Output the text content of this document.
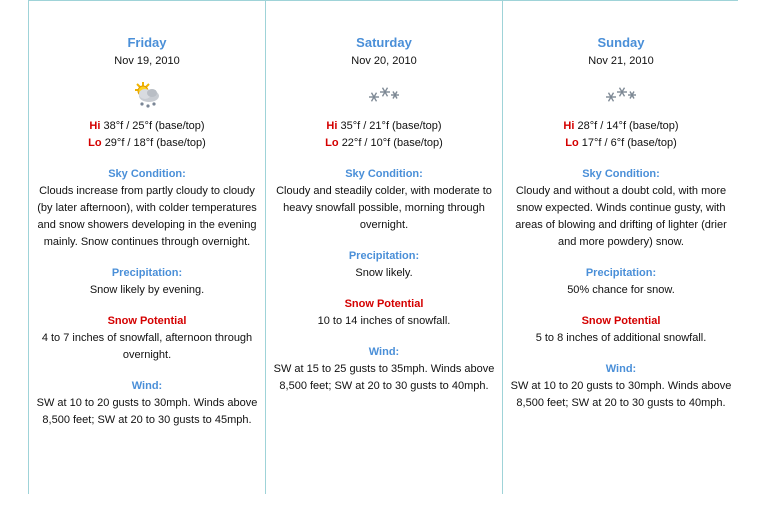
Friday
Nov 19, 2010
Hi 38°f / 25°f (base/top)
Lo 29°f / 18°f (base/top)
Sky Condition:
Clouds increase from partly cloudy to cloudy (by later afternoon), with colder temperatures and snow showers developing in the evening mainly. Snow continues through overnight.
Precipitation:
Snow likely by evening.
Snow Potential
4 to 7 inches of snowfall, afternoon through overnight.
Wind:
SW at 10 to 20 gusts to 30mph. Winds above 8,500 feet; SW at 20 to 30 gusts to 45mph.
Saturday
Nov 20, 2010
Hi 35°f / 21°f (base/top)
Lo 22°f / 10°f (base/top)
Sky Condition:
Cloudy and steadily colder, with moderate to heavy snowfall possible, morning through overnight.
Precipitation:
Snow likely.
Snow Potential
10 to 14 inches of snowfall.
Wind:
SW at 15 to 25 gusts to 35mph. Winds above 8,500 feet; SW at 20 to 30 gusts to 40mph.
Sunday
Nov 21, 2010
Hi 28°f / 14°f (base/top)
Lo 17°f / 6°f (base/top)
Sky Condition:
Cloudy and without a doubt cold, with more snow expected. Winds continue gusty, with areas of blowing and drifting of lighter (drier and more powdery) snow.
Precipitation:
50% chance for snow.
Snow Potential
5 to 8 inches of additional snowfall.
Wind:
SW at 10 to 20 gusts to 30mph. Winds above 8,500 feet; SW at 20 to 30 gusts to 40mph.
